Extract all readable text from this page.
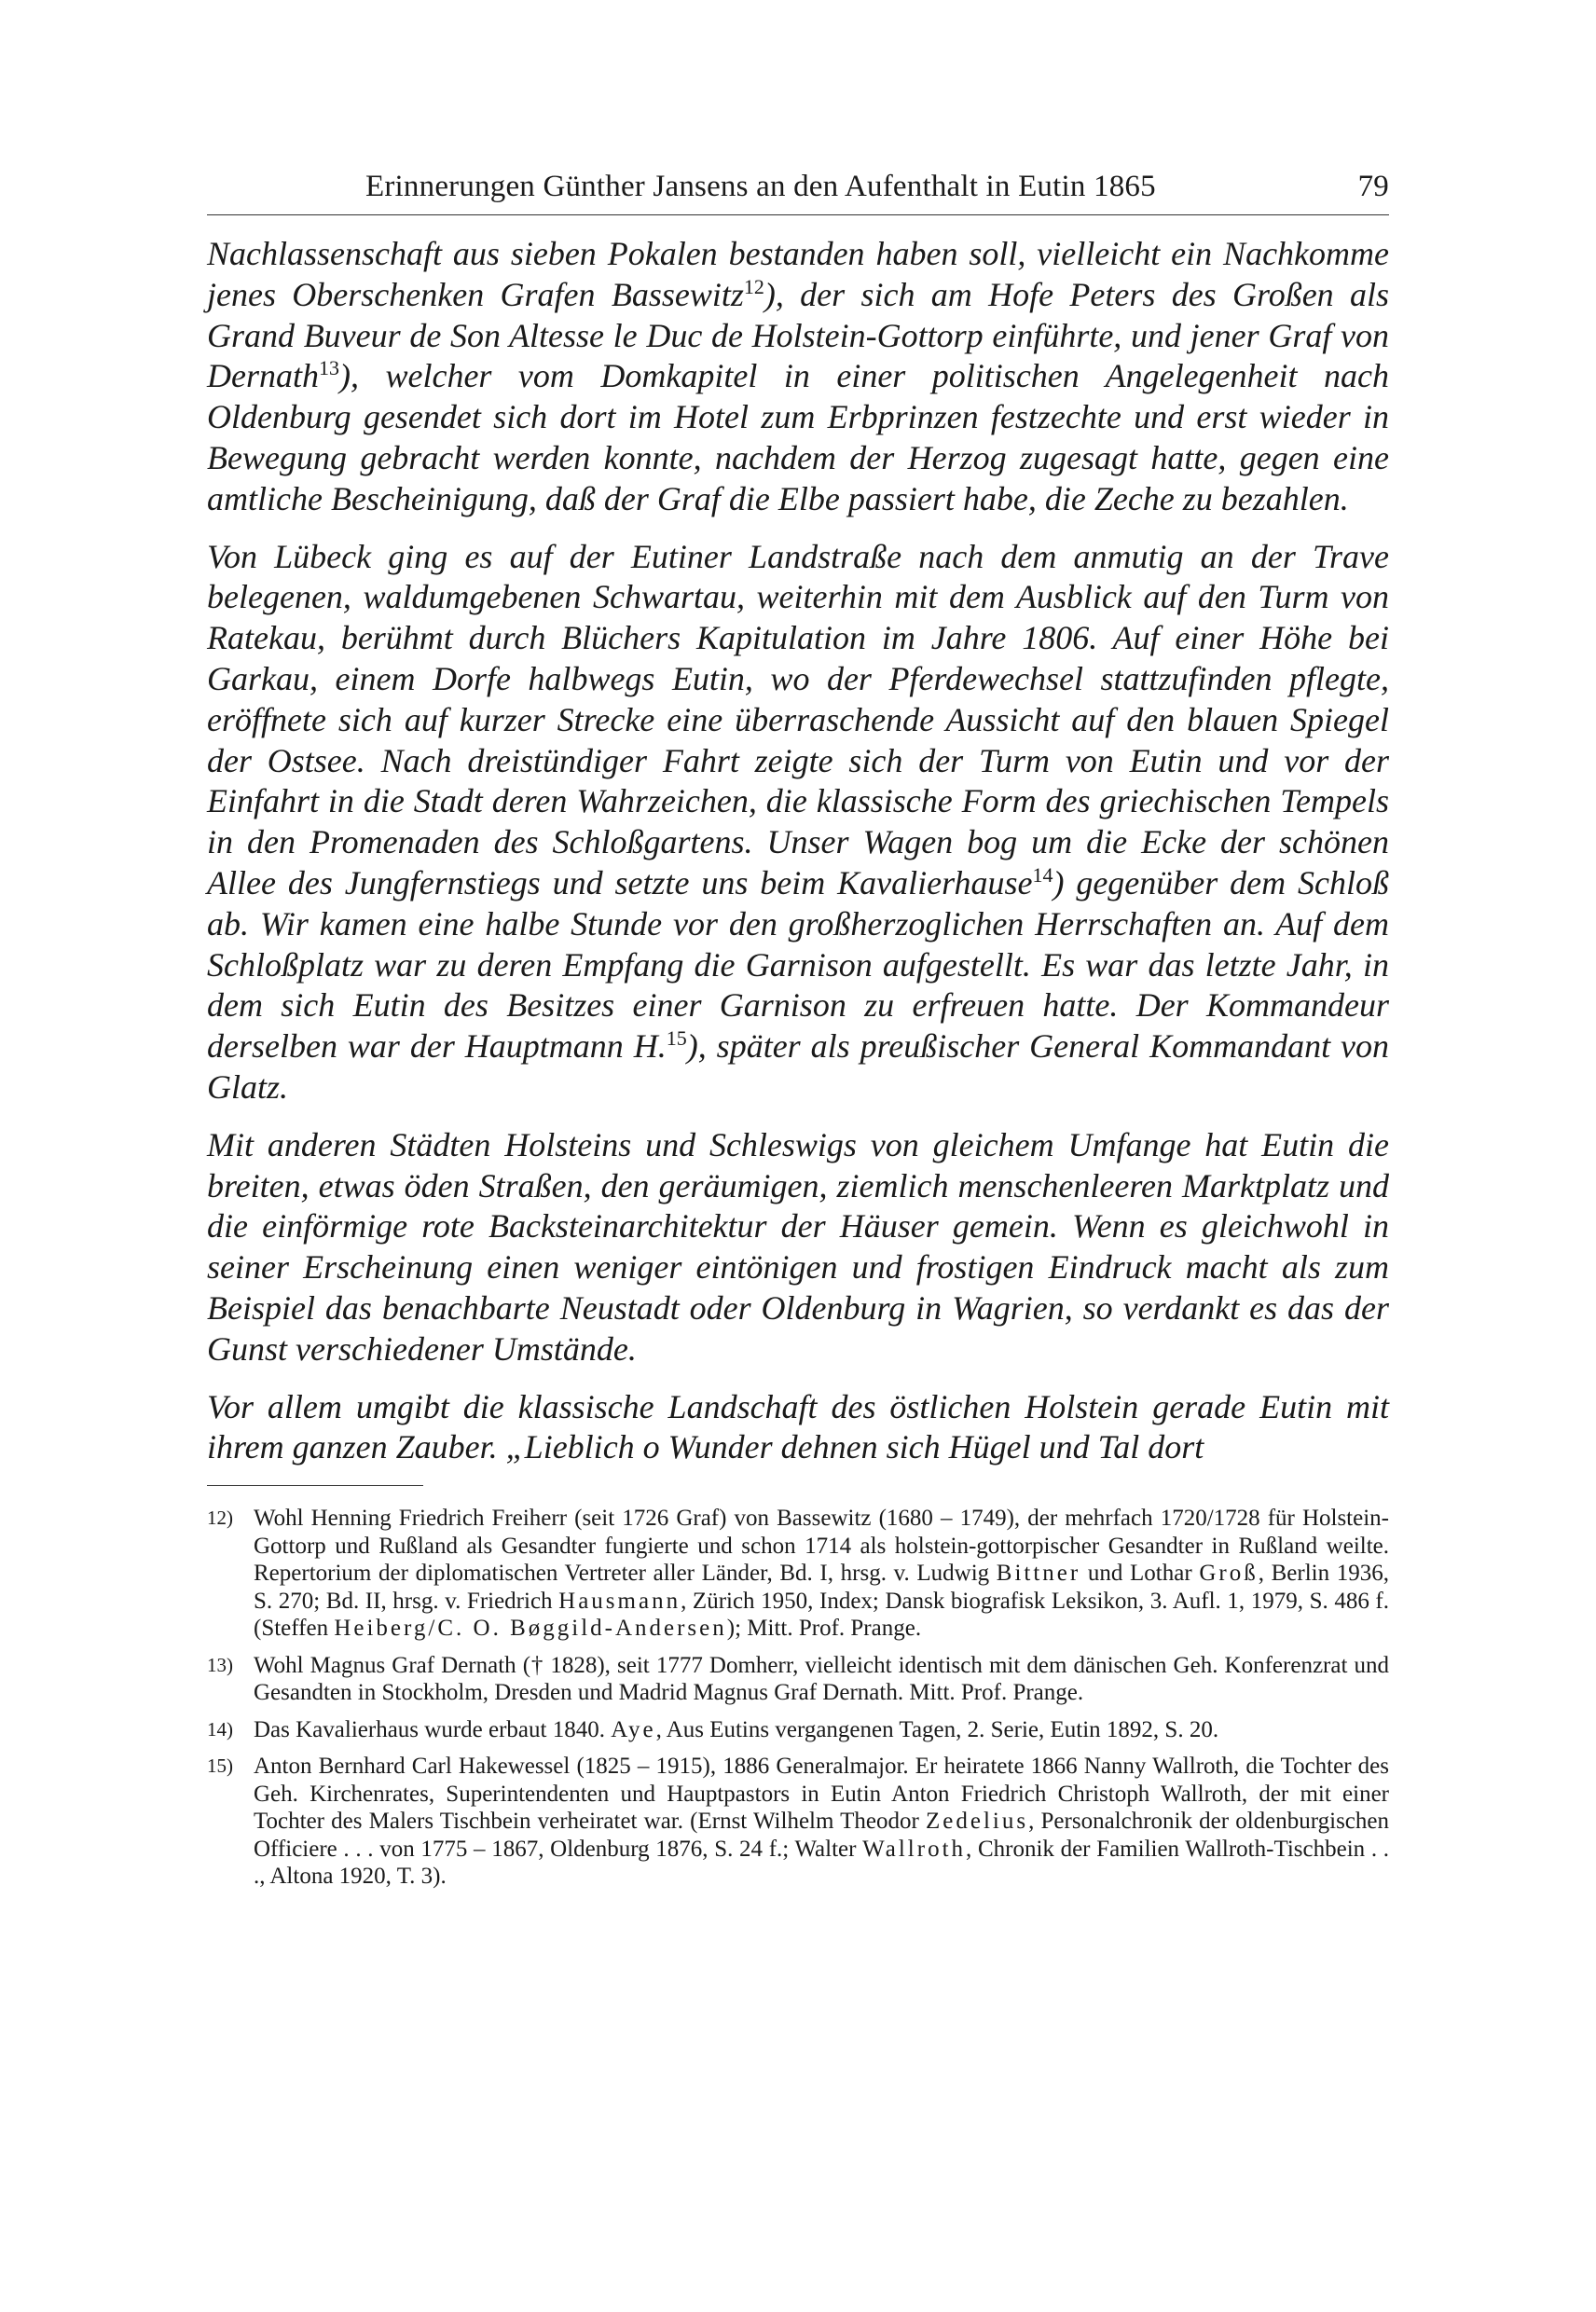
Erinnerungen Günther Jansens an den Aufenthalt in Eutin 1865	79

Nachlassenschaft aus sieben Pokalen bestanden haben soll, vielleicht ein Nachkomme jenes Oberschenken Grafen Bassewitz$^{12}$), der sich am Hofe Peters des Großen als Grand Buveur de Son Altesse le Duc de Holstein-Gottorp einführte, und jener Graf von Dernath$^{13}$), welcher vom Domkapitel in einer politischen Angelegenheit nach Oldenburg gesendet sich dort im Hotel zum Erbprinzen festzechte und erst wieder in Bewegung gebracht werden konnte, nachdem der Herzog zugesagt hatte, gegen eine amtliche Bescheinigung, daß der Graf die Elbe passiert habe, die Zeche zu bezahlen.

Von Lübeck ging es auf der Eutiner Landstraße nach dem anmutig an der Trave belegenen, waldumgebenen Schwartau, weiterhin mit dem Ausblick auf den Turm von Ratekau, berühmt durch Blüchers Kapitulation im Jahre 1806. Auf einer Höhe bei Garkau, einem Dorfe halbwegs Eutin, wo der Pferdewechsel stattzufinden pflegte, eröffnete sich auf kurzer Strecke eine überraschende Aussicht auf den blauen Spiegel der Ostsee. Nach dreistündiger Fahrt zeigte sich der Turm von Eutin und vor der Einfahrt in die Stadt deren Wahrzeichen, die klassische Form des griechischen Tempels in den Promenaden des Schloßgartens. Unser Wagen bog um die Ecke der schönen Allee des Jungfernstiegs und setzte uns beim Kavalierhause$^{14}$) gegenüber dem Schloß ab. Wir kamen eine halbe Stunde vor den großherzoglichen Herrschaften an. Auf dem Schloßplatz war zu deren Empfang die Garnison aufgestellt. Es war das letzte Jahr, in dem sich Eutin des Besitzes einer Garnison zu erfreuen hatte. Der Kommandeur derselben war der Hauptmann H.$^{15}$), später als preußischer General Kommandant von Glatz.

Mit anderen Städten Holsteins und Schleswigs von gleichem Umfange hat Eutin die breiten, etwas öden Straßen, den geräumigen, ziemlich menschenleeren Marktplatz und die einförmige rote Backsteinarchitektur der Häuser gemein. Wenn es gleichwohl in seiner Erscheinung einen weniger eintönigen und frostigen Eindruck macht als zum Beispiel das benachbarte Neustadt oder Oldenburg in Wagrien, so verdankt es das der Gunst verschiedener Umstände.

Vor allem umgibt die klassische Landschaft des östlichen Holstein gerade Eutin mit ihrem ganzen Zauber. „Lieblich o Wunder dehnen sich Hügel und Tal dort

12) Wohl Henning Friedrich Freiherr (seit 1726 Graf) von Bassewitz (1680 – 1749), der mehrfach 1720/1728 für Holstein-Gottorp und Rußland als Gesandter fungierte und schon 1714 als holstein-gottorpischer Gesandter in Rußland weilte. Repertorium der diplomatischen Vertreter aller Länder, Bd. I, hrsg. v. Ludwig Bittner und Lothar Groß, Berlin 1936, S. 270; Bd. II, hrsg. v. Friedrich Hausmann, Zürich 1950, Index; Dansk biografisk Leksikon, 3. Aufl. 1, 1979, S. 486 f. (Steffen Heiberg/C. O. Bøggild-Andersen); Mitt. Prof. Prange.
13) Wohl Magnus Graf Dernath († 1828), seit 1777 Domherr, vielleicht identisch mit dem dänischen Geh. Konferenzrat und Gesandten in Stockholm, Dresden und Madrid Magnus Graf Dernath. Mitt. Prof. Prange.
14) Das Kavalierhaus wurde erbaut 1840. Aye, Aus Eutins vergangenen Tagen, 2. Serie, Eutin 1892, S. 20.
15) Anton Bernhard Carl Hakewessel (1825 – 1915), 1886 Generalmajor. Er heiratete 1866 Nanny Wallroth, die Tochter des Geh. Kirchenrates, Superintendenten und Hauptpastors in Eutin Anton Friedrich Christoph Wallroth, der mit einer Tochter des Malers Tischbein verheiratet war. (Ernst Wilhelm Theodor Zedelius, Personalchronik der oldenburgischen Officiere . . . von 1775 – 1867, Oldenburg 1876, S. 24 f.; Walter Wallroth, Chronik der Familien Wallroth-Tischbein . . ., Altona 1920, T. 3).
